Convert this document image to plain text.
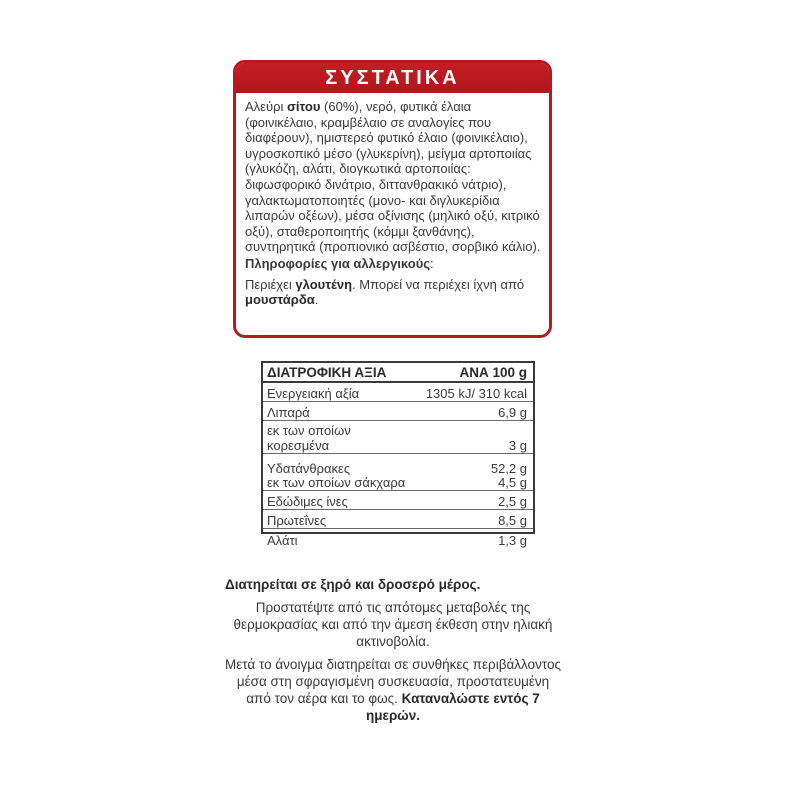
ΣΥΣΤΑΤΙΚΑ

Αλεύρι σίτου (60%), νερό, φυτικά έλαια (φοινικέλαιο, κραμβέλαιο σε αναλογίες που διαφέρουν), ημιστερεό φυτικό έλαιο (φοινικέλαιο), υγροσκοπικό μέσο (γλυκερίνη), μείγμα αρτοποιίας (γλυκόζη, αλάτι, διογκωτικά αρτοποιίας: διφωσφορικό δινάτριο, διττανθρακικό νάτριο), γαλακτωματοποιητές (μονο- και διγλυκερίδια λιπαρών οξέων), μέσα οξίνισης (μηλικό οξύ, κιτρικό οξύ), σταθεροποιητής (κόμμι ξανθάνης), συντηρητικά (προπιονικό ασβέστιο, σορβικό κάλιο).

Πληροφορίες για αλλεργικούς:

Περιέχει γλουτένη. Μπορεί να περιέχει ίχνη από μουστάρδα.

ΔΙΑΤΡΟΦΙΚΗ ΑΞΙΑ	ΑΝΑ 100 g
Ενεργειακή αξία	1305 kJ/ 310 kcal
Λιπαρά	6,9 g
εκ των οποίων
κορεσμένα	3 g
Υδατάνθρακες	52,2 g
εκ των οποίων σάκχαρα	4,5 g
Εδώδιμες ίνες	2,5 g
Πρωτεΐνες	8,5 g
Αλάτι	1,3 g

Διατηρείται σε ξηρό και δροσερό μέρος.

Προστατέψτε από τις απότομες μεταβολές της θερμοκρασίας και από την άμεση έκθεση στην ηλιακή ακτινοβολία.

Μετά το άνοιγμα διατηρείται σε συνθήκες περιβάλλοντος μέσα στη σφραγισμένη συσκευασία, προστατευμένη από τον αέρα και το φως. Καταναλώστε εντός 7 ημερών.
